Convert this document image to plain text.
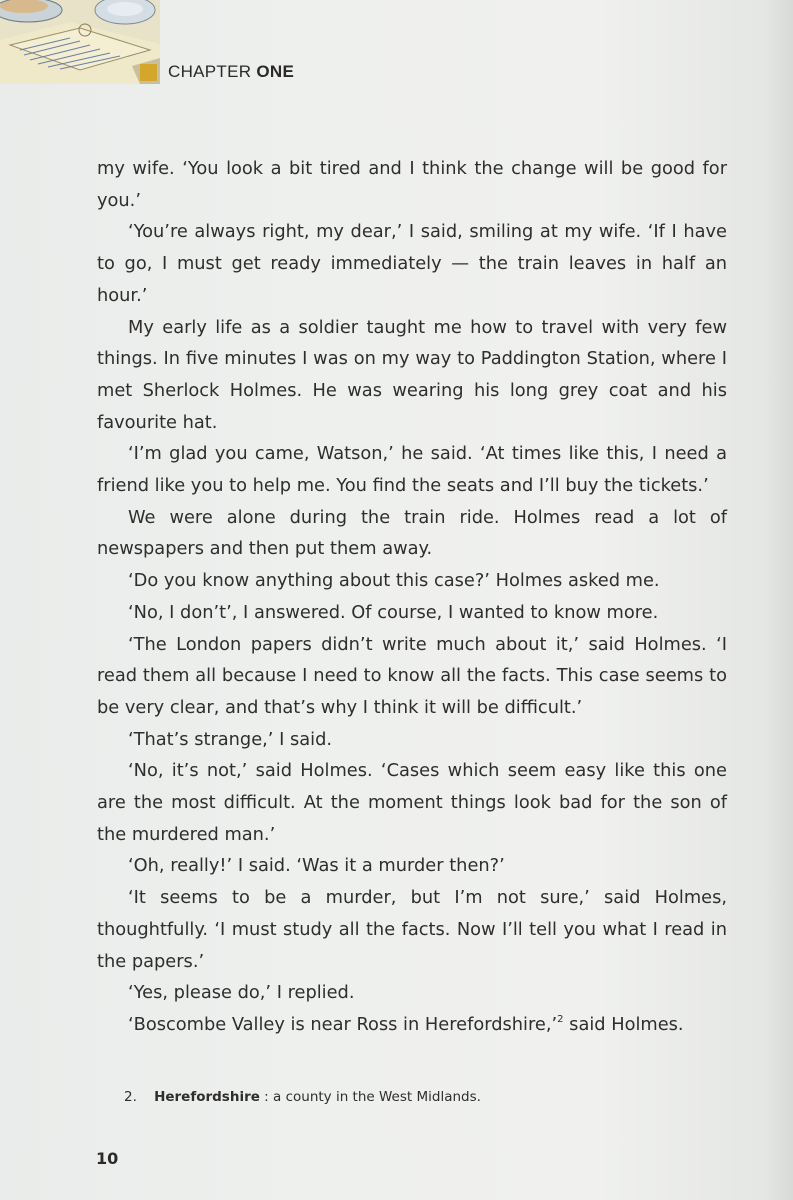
CHAPTER ONE

my wife. ‘You look a bit tired and I think the change will be good for you.’

‘You’re always right, my dear,’ I said, smiling at my wife. ‘If I have to go, I must get ready immediately — the train leaves in half an hour.’

My early life as a soldier taught me how to travel with very few things. In five minutes I was on my way to Paddington Station, where I met Sherlock Holmes. He was wearing his long grey coat and his favourite hat.

‘I’m glad you came, Watson,’ he said. ‘At times like this, I need a friend like you to help me. You find the seats and I’ll buy the tickets.’

We were alone during the train ride. Holmes read a lot of newspapers and then put them away.

‘Do you know anything about this case?’ Holmes asked me.

‘No, I don’t’, I answered. Of course, I wanted to know more.

‘The London papers didn’t write much about it,’ said Holmes. ‘I read them all because I need to know all the facts. This case seems to be very clear, and that’s why I think it will be difficult.’

‘That’s strange,’ I said.

‘No, it’s not,’ said Holmes. ‘Cases which seem easy like this one are the most difficult. At the moment things look bad for the son of the murdered man.’

‘Oh, really!’ I said. ‘Was it a murder then?’

‘It seems to be a murder, but I’m not sure,’ said Holmes, thoughtfully. ‘I must study all the facts. Now I’ll tell you what I read in the papers.’

‘Yes, please do,’ I replied.

‘Boscombe Valley is near Ross in Herefordshire,’$^2$ said Holmes.

2. Herefordshire : a county in the West Midlands.
10
